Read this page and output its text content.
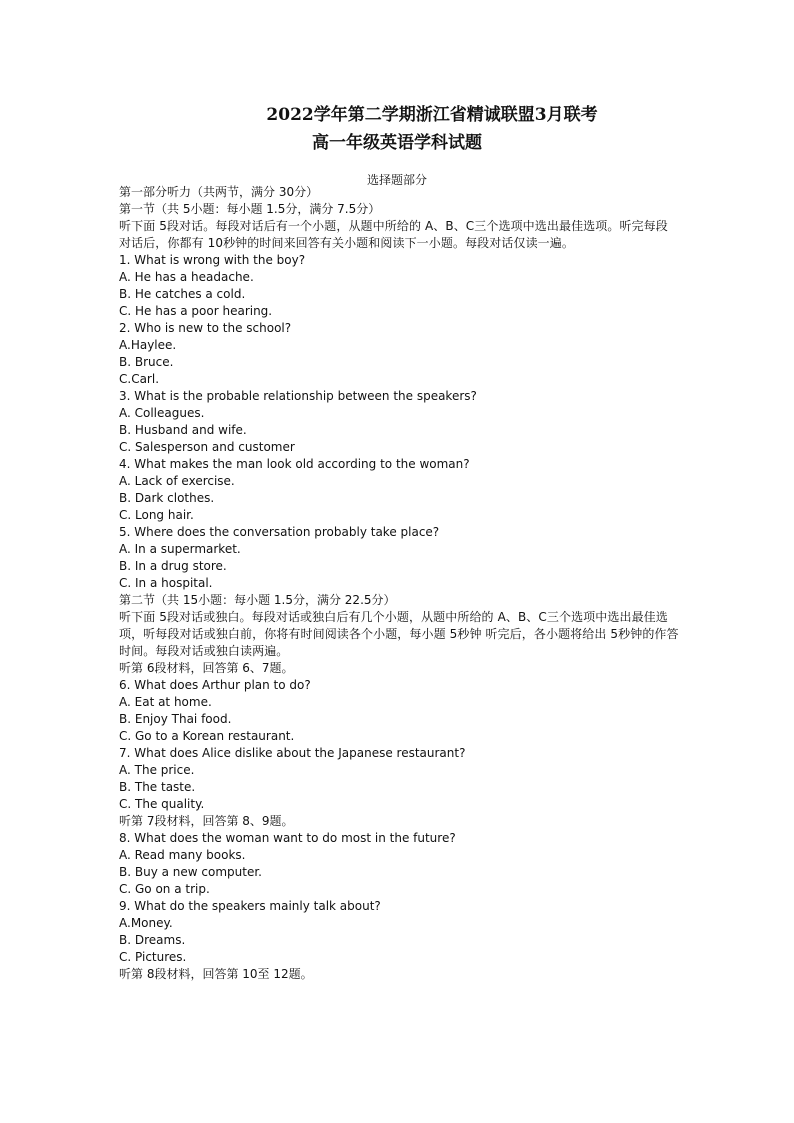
2022学年第二学期浙江省精诚联盟3月联考
高一年级英语学科试题
选择题部分
第一部分听力（共两节，满分 30分）
第一节（共 5小题：每小题 1.5分，满分 7.5分）
听下面 5段对话。每段对话后有一个小题，从题中所给的 A、B、C三个选项中选出最佳选项。听完每段对话后，你都有 10秒钟的时间来回答有关小题和阅读下一小题。每段对话仅读一遍。
1. What is wrong with the boy?
A. He has a headache.
B. He catches a cold.
C. He has a poor hearing.
2. Who is new to the school?
A.Haylee.
B. Bruce.
C.Carl.
3. What is the probable relationship between the speakers?
A. Colleagues.
B. Husband and wife.
C. Salesperson and customer
4. What makes the man look old according to the woman?
A. Lack of exercise.
B. Dark clothes.
C. Long hair.
5. Where does the conversation probably take place?
A. In a supermarket.
B. In a drug store.
C. In a hospital.
第二节（共 15小题：每小题 1.5分，满分 22.5分）
听下面 5段对话或独白。每段对话或独白后有几个小题，从题中所给的 A、B、C三个选项中选出最佳选项，听每段对话或独白前，你将有时间阅读各个小题，每小题 5秒钟 听完后，各小题将给出 5秒钟的作答时间。每段对话或独白读两遍。
听第 6段材料，回答第 6、7题。
6. What does Arthur plan to do?
A. Eat at home.
B. Enjoy Thai food.
C. Go to a Korean restaurant.
7. What does Alice dislike about the Japanese restaurant?
A. The price.
B. The taste.
C. The quality.
听第 7段材料，回答第 8、9题。
8. What does the woman want to do most in the future?
A. Read many books.
B. Buy a new computer.
C. Go on a trip.
9. What do the speakers mainly talk about?
A.Money.
B. Dreams.
C. Pictures.
听第 8段材料，回答第 10至 12题。
